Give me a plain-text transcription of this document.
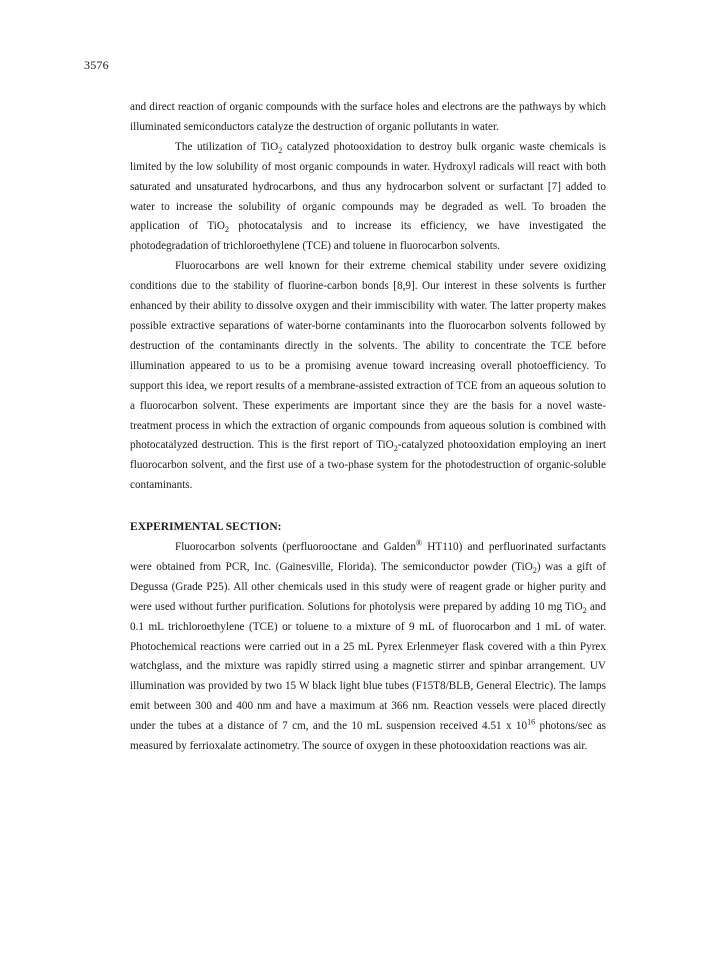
3576

and direct reaction of organic compounds with the surface holes and electrons are the pathways by which illuminated semiconductors catalyze the destruction of organic pollutants in water.

The utilization of TiO$_2$ catalyzed photooxidation to destroy bulk organic waste chemicals is limited by the low solubility of most organic compounds in water. Hydroxyl radicals will react with both saturated and unsaturated hydrocarbons, and thus any hydrocarbon solvent or surfactant [7] added to water to increase the solubility of organic compounds may be degraded as well. To broaden the application of TiO$_2$ photocatalysis and to increase its efficiency, we have investigated the photodegradation of trichloroethylene (TCE) and toluene in fluorocarbon solvents.

Fluorocarbons are well known for their extreme chemical stability under severe oxidizing conditions due to the stability of fluorine-carbon bonds [8,9]. Our interest in these solvents is further enhanced by their ability to dissolve oxygen and their immiscibility with water. The latter property makes possible extractive separations of water-borne contaminants into the fluorocarbon solvents followed by destruction of the contaminants directly in the solvents. The ability to concentrate the TCE before illumination appeared to us to be a promising avenue toward increasing overall photoefficiency. To support this idea, we report results of a membrane-assisted extraction of TCE from an aqueous solution to a fluorocarbon solvent. These experiments are important since they are the basis for a novel waste-treatment process in which the extraction of organic compounds from aqueous solution is combined with photocatalyzed destruction. This is the first report of TiO$_2$-catalyzed photooxidation employing an inert fluorocarbon solvent, and the first use of a two-phase system for the photodestruction of organic-soluble contaminants.

EXPERIMENTAL SECTION:

Fluorocarbon solvents (perfluorooctane and Galden® HT110) and perfluorinated surfactants were obtained from PCR, Inc. (Gainesville, Florida). The semiconductor powder (TiO$_2$) was a gift of Degussa (Grade P25). All other chemicals used in this study were of reagent grade or higher purity and were used without further purification. Solutions for photolysis were prepared by adding 10 mg TiO$_2$ and 0.1 mL trichloroethylene (TCE) or toluene to a mixture of 9 mL of fluorocarbon and 1 mL of water. Photochemical reactions were carried out in a 25 mL Pyrex Erlenmeyer flask covered with a thin Pyrex watchglass, and the mixture was rapidly stirred using a magnetic stirrer and spinbar arrangement. UV illumination was provided by two 15 W black light blue tubes (F15T8/BLB, General Electric). The lamps emit between 300 and 400 nm and have a maximum at 366 nm. Reaction vessels were placed directly under the tubes at a distance of 7 cm, and the 10 mL suspension received 4.51 x $10^{16}$ photons/sec as measured by ferrioxalate actinometry. The source of oxygen in these photooxidation reactions was air.
